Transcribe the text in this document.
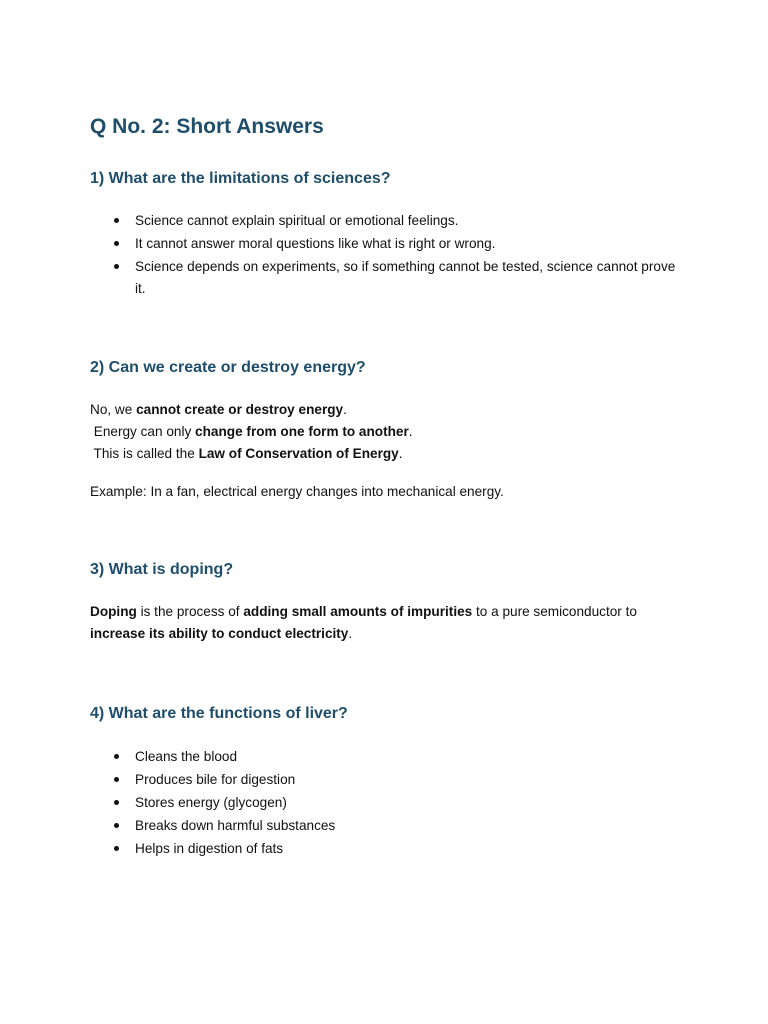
Q No. 2: Short Answers
1) What are the limitations of sciences?
Science cannot explain spiritual or emotional feelings.
It cannot answer moral questions like what is right or wrong.
Science depends on experiments, so if something cannot be tested, science cannot prove it.
2) Can we create or destroy energy?

No, we cannot create or destroy energy.

Energy can only change from one form to another.

This is called the Law of Conservation of Energy.

Example: In a fan, electrical energy changes into mechanical energy.

3) What is doping?

Doping is the process of adding small amounts of impurities to a pure semiconductor to increase its ability to conduct electricity.

4) What are the functions of liver?
Cleans the blood
Produces bile for digestion
Stores energy (glycogen)
Breaks down harmful substances
Helps in digestion of fats
